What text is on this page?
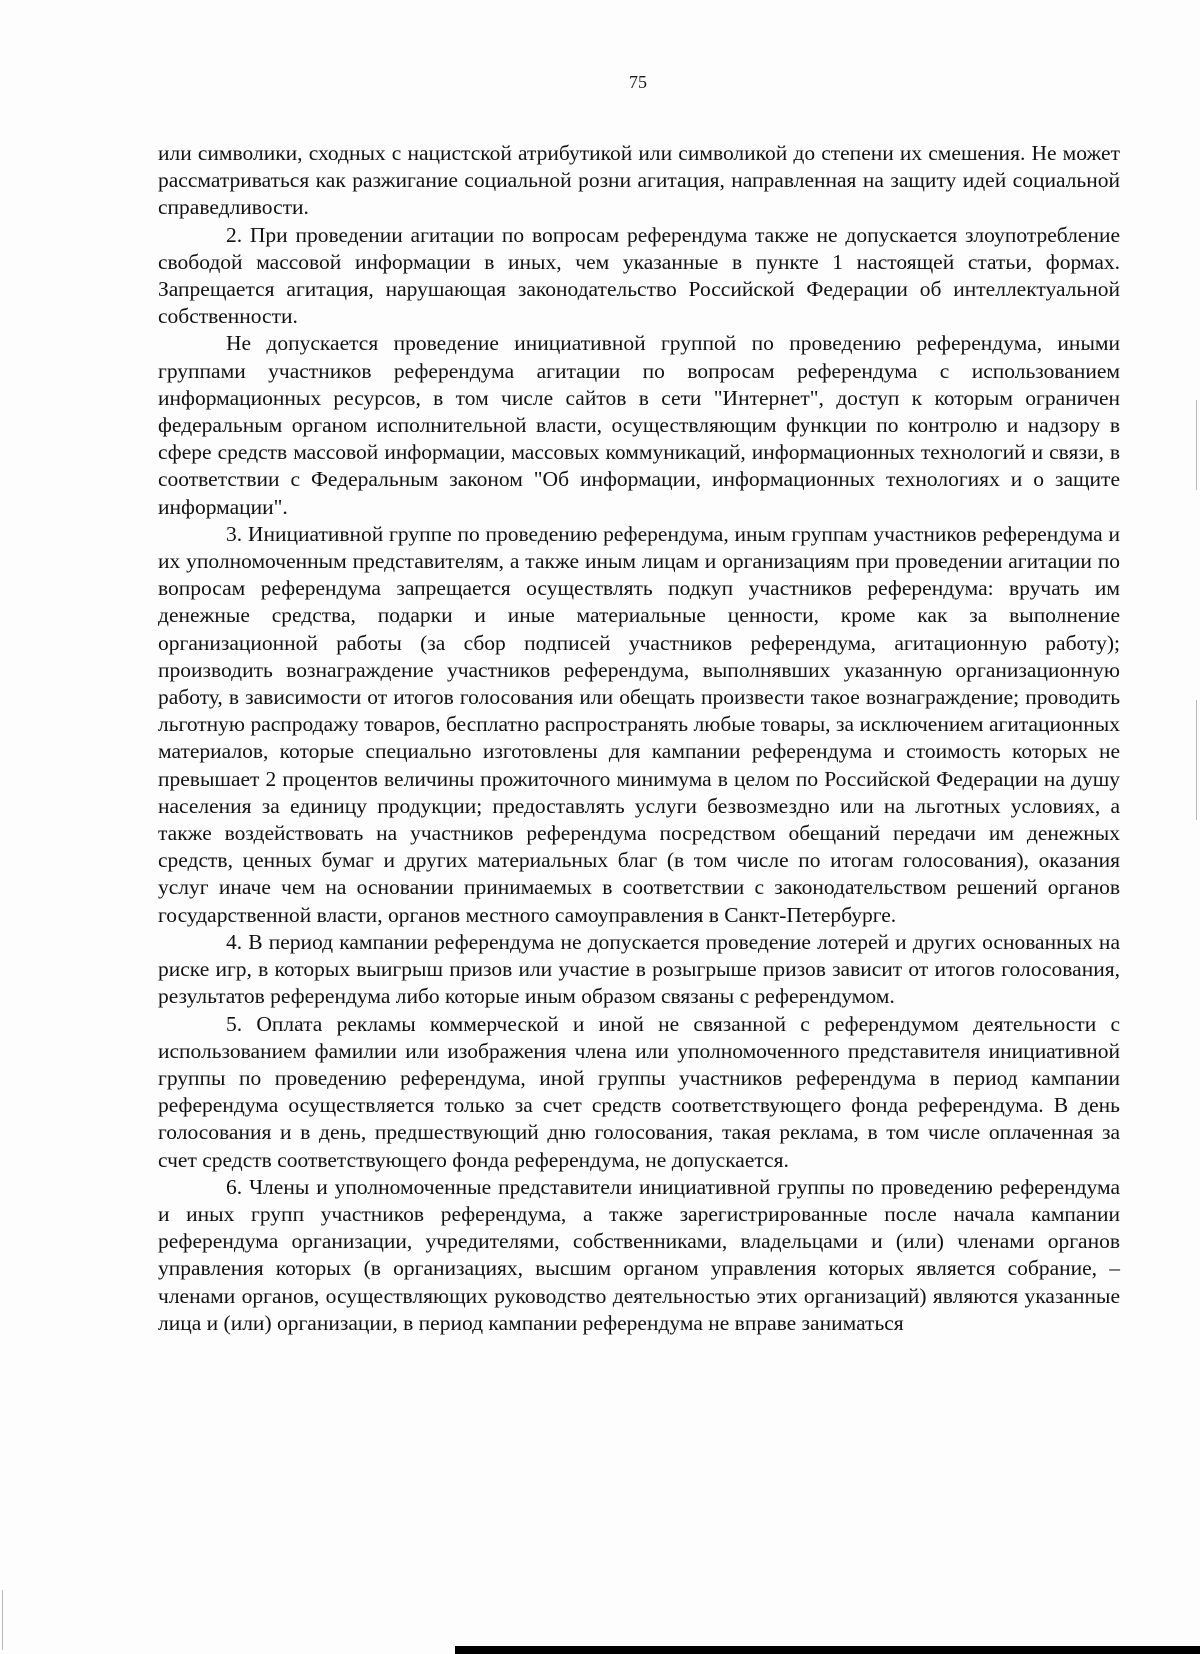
75

или символики, сходных с нацистской атрибутикой или символикой до степени их смешения. Не может рассматриваться как разжигание социальной розни агитация, направленная на защиту идей социальной справедливости.

2. При проведении агитации по вопросам референдума также не допускается злоупотребление свободой массовой информации в иных, чем указанные в пункте 1 настоящей статьи, формах. Запрещается агитация, нарушающая законодательство Российской Федерации об интеллектуальной собственности.

Не допускается проведение инициативной группой по проведению референдума, иными группами участников референдума агитации по вопросам референдума с использованием информационных ресурсов, в том числе сайтов в сети "Интернет", доступ к которым ограничен федеральным органом исполнительной власти, осуществляющим функции по контролю и надзору в сфере средств массовой информации, массовых коммуникаций, информационных технологий и связи, в соответствии с Федеральным законом "Об информации, информационных технологиях и о защите информации".

3. Инициативной группе по проведению референдума, иным группам участников референдума и их уполномоченным представителям, а также иным лицам и организациям при проведении агитации по вопросам референдума запрещается осуществлять подкуп участников референдума: вручать им денежные средства, подарки и иные материальные ценности, кроме как за выполнение организационной работы (за сбор подписей участников референдума, агитационную работу); производить вознаграждение участников референдума, выполнявших указанную организационную работу, в зависимости от итогов голосования или обещать произвести такое вознаграждение; проводить льготную распродажу товаров, бесплатно распространять любые товары, за исключением агитационных материалов, которые специально изготовлены для кампании референдума и стоимость которых не превышает 2 процентов величины прожиточного минимума в целом по Российской Федерации на душу населения за единицу продукции; предоставлять услуги безвозмездно или на льготных условиях, а также воздействовать на участников референдума посредством обещаний передачи им денежных средств, ценных бумаг и других материальных благ (в том числе по итогам голосования), оказания услуг иначе чем на основании принимаемых в соответствии с законодательством решений органов государственной власти, органов местного самоуправления в Санкт-Петербурге.

4. В период кампании референдума не допускается проведение лотерей и других основанных на риске игр, в которых выигрыш призов или участие в розыгрыше призов зависит от итогов голосования, результатов референдума либо которые иным образом связаны с референдумом.

5. Оплата рекламы коммерческой и иной не связанной с референдумом деятельности с использованием фамилии или изображения члена или уполномоченного представителя инициативной группы по проведению референдума, иной группы участников референдума в период кампании референдума осуществляется только за счет средств соответствующего фонда референдума. В день голосования и в день, предшествующий дню голосования, такая реклама, в том числе оплаченная за счет средств соответствующего фонда референдума, не допускается.

6. Члены и уполномоченные представители инициативной группы по проведению референдума и иных групп участников референдума, а также зарегистрированные после начала кампании референдума организации, учредителями, собственниками, владельцами и (или) членами органов управления которых (в организациях, высшим органом управления которых является собрание, – членами органов, осуществляющих руководство деятельностью этих организаций) являются указанные лица и (или) организации, в период кампании референдума не вправе заниматься
